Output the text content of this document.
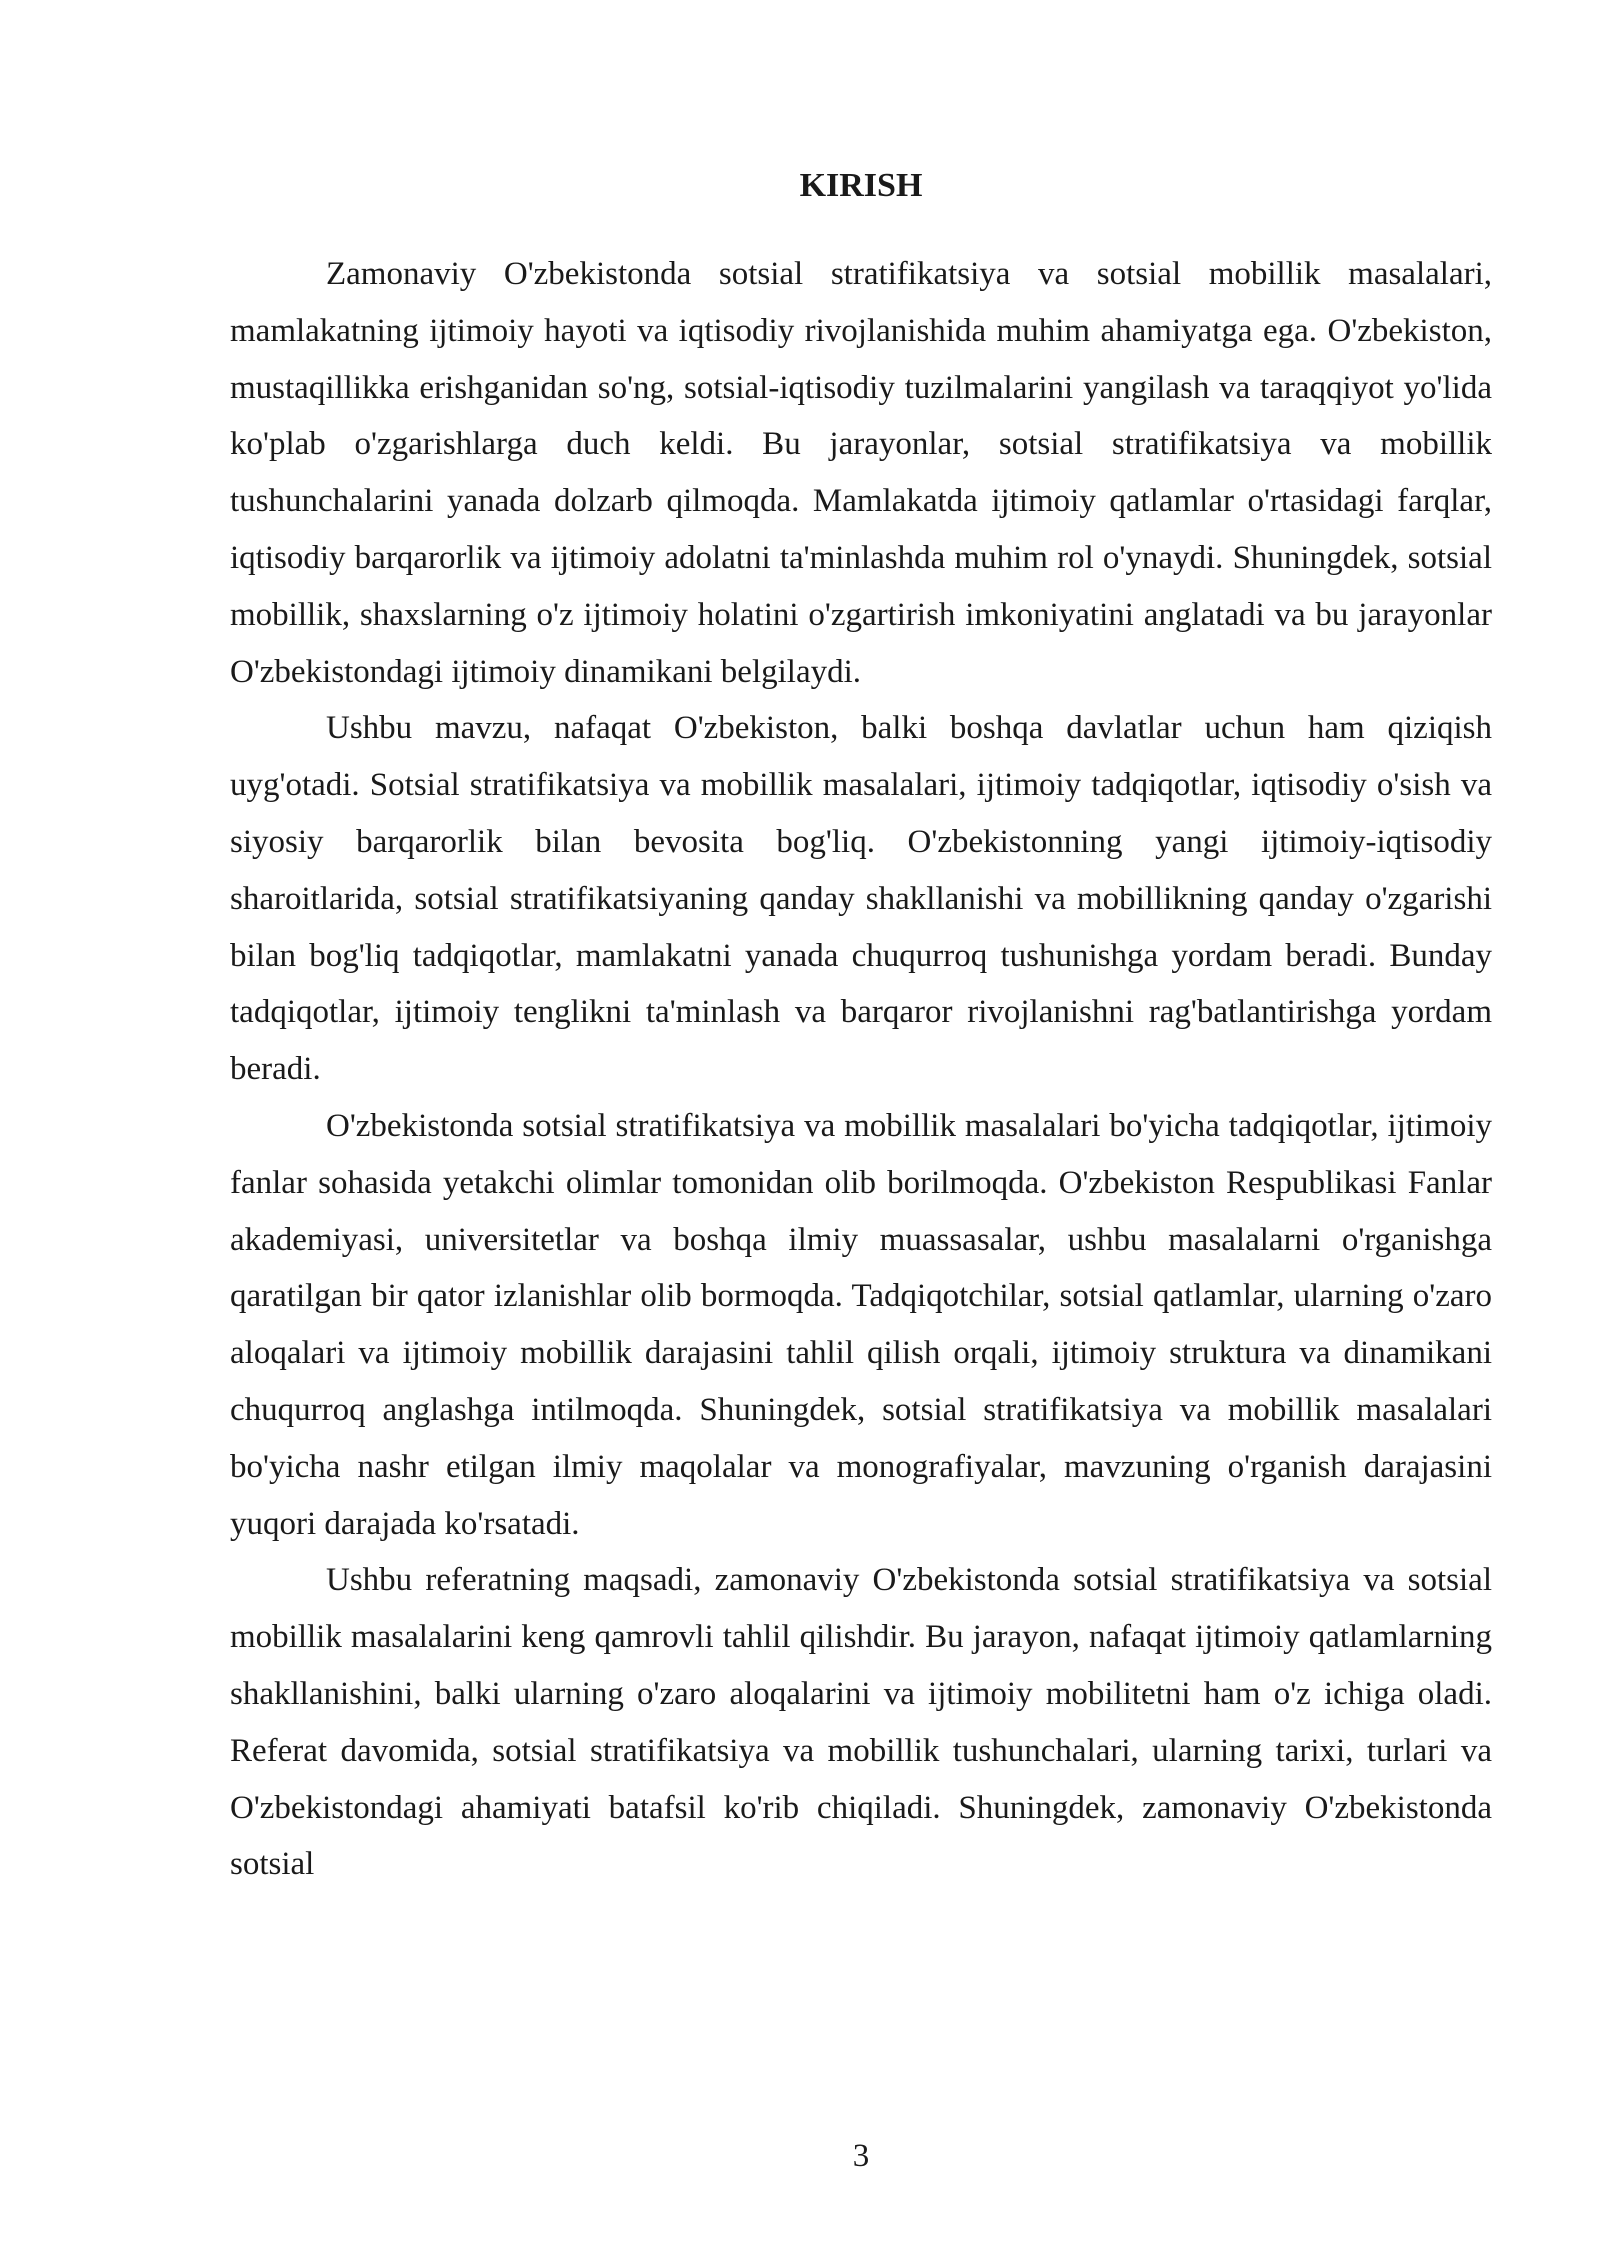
KIRISH

Zamonaviy O'zbekistonda sotsial stratifikatsiya va sotsial mobillik masalalari, mamlakatning ijtimoiy hayoti va iqtisodiy rivojlanishida muhim ahamiyatga ega. O'zbekiston, mustaqillikka erishganidan so'ng, sotsial-iqtisodiy tuzilmalarini yangilash va taraqqiyot yo'lida ko'plab o'zgarishlarga duch keldi. Bu jarayonlar, sotsial stratifikatsiya va mobillik tushunchalarini yanada dolzarb qilmoqda. Mamlakatda ijtimoiy qatlamlar o'rtasidagi farqlar, iqtisodiy barqarorlik va ijtimoiy adolatni ta'minlashda muhim rol o'ynaydi. Shuningdek, sotsial mobillik, shaxslarning o'z ijtimoiy holatini o'zgartirish imkoniyatini anglatadi va bu jarayonlar O'zbekistondagi ijtimoiy dinamikani belgilaydi.

Ushbu mavzu, nafaqat O'zbekiston, balki boshqa davlatlar uchun ham qiziqish uyg'otadi. Sotsial stratifikatsiya va mobillik masalalari, ijtimoiy tadqiqotlar, iqtisodiy o'sish va siyosiy barqarorlik bilan bevosita bog'liq. O'zbekistonning yangi ijtimoiy-iqtisodiy sharoitlarida, sotsial stratifikatsiyaning qanday shakllanishi va mobillikning qanday o'zgarishi bilan bog'liq tadqiqotlar, mamlakatni yanada chuqurroq tushunishga yordam beradi. Bunday tadqiqotlar, ijtimoiy tenglikni ta'minlash va barqaror rivojlanishni rag'batlantirishga yordam beradi.

O'zbekistonda sotsial stratifikatsiya va mobillik masalalari bo'yicha tadqiqotlar, ijtimoiy fanlar sohasida yetakchi olimlar tomonidan olib borilmoqda. O'zbekiston Respublikasi Fanlar akademiyasi, universitetlar va boshqa ilmiy muassasalar, ushbu masalalarni o'rganishga qaratilgan bir qator izlanishlar olib bormoqda. Tadqiqotchilar, sotsial qatlamlar, ularning o'zaro aloqalari va ijtimoiy mobillik darajasini tahlil qilish orqali, ijtimoiy struktura va dinamikani chuqurroq anglashga intilmoqda. Shuningdek, sotsial stratifikatsiya va mobillik masalalari bo'yicha nashr etilgan ilmiy maqolalar va monografiyalar, mavzuning o'rganish darajasini yuqori darajada ko'rsatadi.

Ushbu referatning maqsadi, zamonaviy O'zbekistonda sotsial stratifikatsiya va sotsial mobillik masalalarini keng qamrovli tahlil qilishdir. Bu jarayon, nafaqat ijtimoiy qatlamlarning shakllanishini, balki ularning o'zaro aloqalarini va ijtimoiy mobilitetni ham o'z ichiga oladi. Referat davomida, sotsial stratifikatsiya va mobillik tushunchalari, ularning tarixi, turlari va O'zbekistondagi ahamiyati batafsil ko'rib chiqiladi. Shuningdek, zamonaviy O'zbekistonda sotsial

3
